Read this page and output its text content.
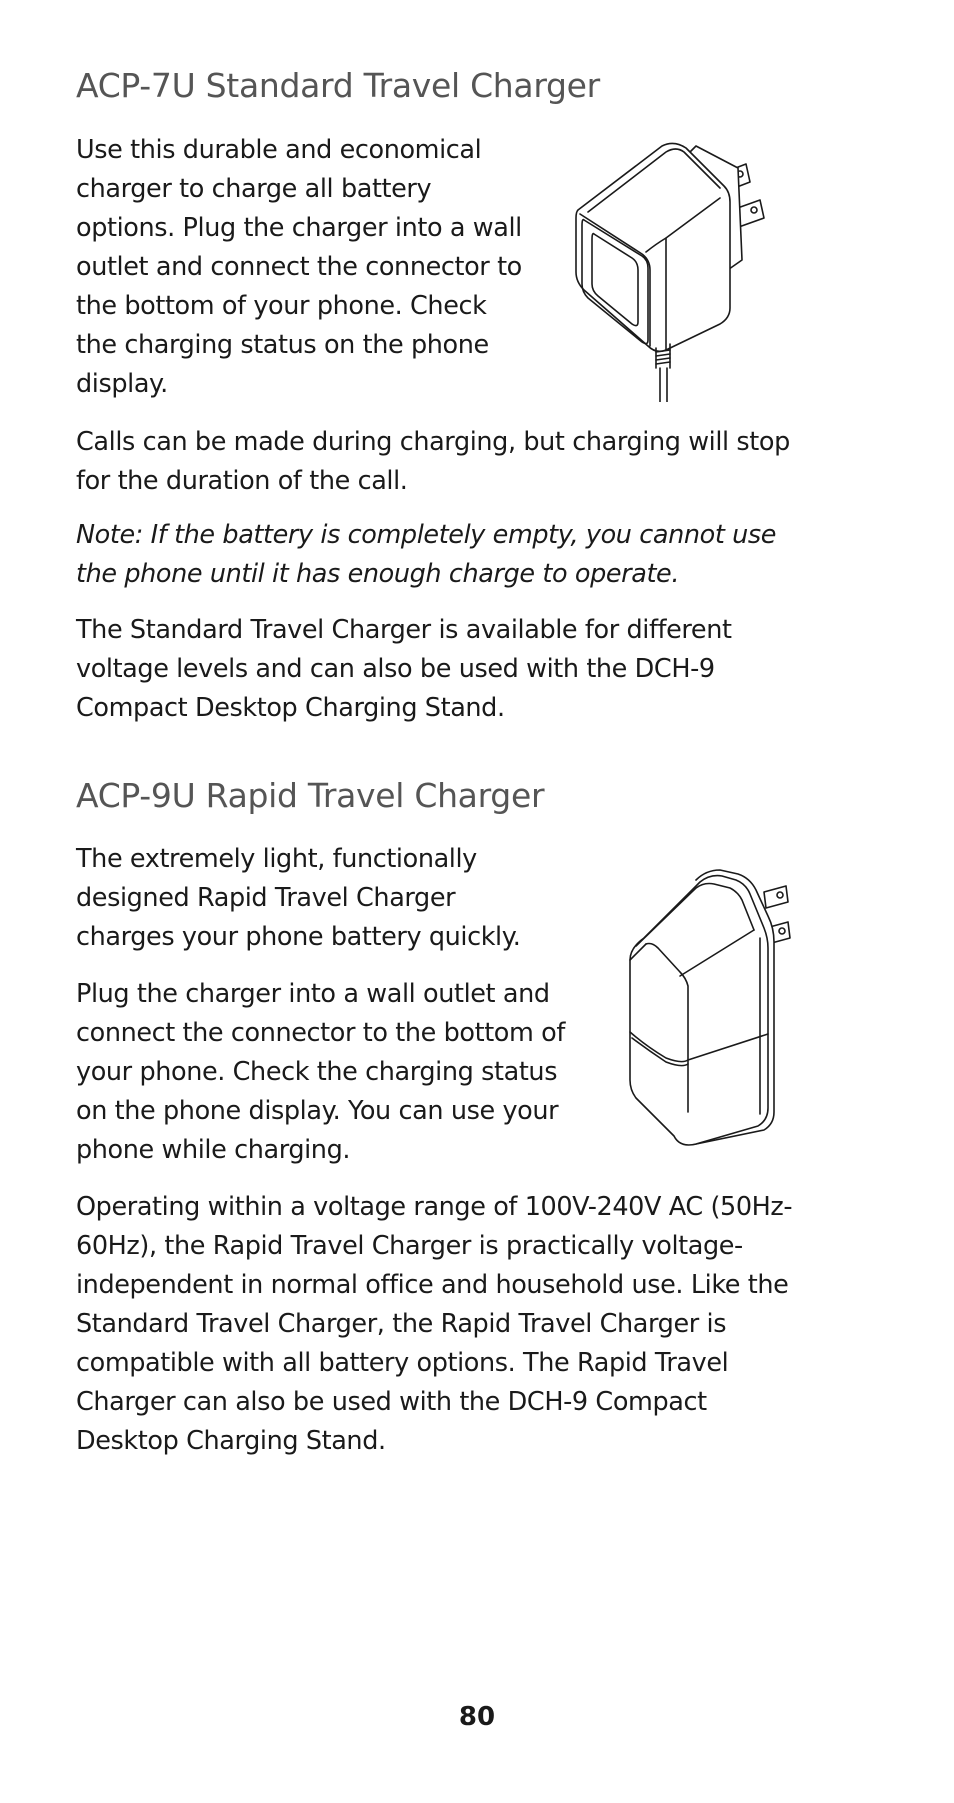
ACP-7U Standard Travel Charger

Use this durable and economical charger to charge all battery options. Plug the charger into a wall outlet and connect the connector to the bottom of your phone. Check the charging status on the phone display.

Calls can be made during charging, but charging will stop for the duration of the call.

Note: If the battery is completely empty, you cannot use the phone until it has enough charge to operate.

The Standard Travel Charger is available for different voltage levels and can also be used with the DCH-9 Compact Desktop Charging Stand.

ACP-9U Rapid Travel Charger

The extremely light, functionally designed Rapid Travel Charger charges your phone battery quickly.

Plug the charger into a wall outlet and connect the connector to the bottom of your phone. Check the charging status on the phone display. You can use your phone while charging.

Operating within a voltage range of 100V-240V AC (50Hz-60Hz), the Rapid Travel Charger is practically voltage-independent in normal office and household use. Like the Standard Travel Charger, the Rapid Travel Charger is compatible with all battery options. The Rapid Travel Charger can also be used with the DCH-9 Compact Desktop Charging Stand.

80
